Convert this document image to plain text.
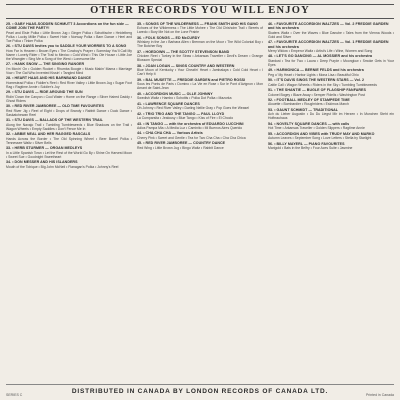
OTHER RECORDS YOU WILL ENJOY
25. • GABY HAAS-SODDEN SCHMUTT 3 Accordions on the fun side — COME JOIN THE PARTY!
Pearl and Elsie Polka • Little Brown Jug • Ginger Polka • Schottische • Heidelberg Polka • Lucky Millie Polka • Sweet Hole • Norway Polka • Barn Dance • Heel and Toe Polka • Tinker Polka
26. • STU DAVIS Invites you to SADDLE YOUR WORRIES TO A SONG
How Far Is Heaven • Brown Eyes • The Cowboy's Prayer • Someday You'll Call My Name • Lonely Rider • The Trail to Mexico • Cold Wind • This Ole House • Little Joe the Wrangler • Sing Me a Song of the West • Lonesome Me
27. • HANK SNOW — THE SINGING RANGER
I'm Movin' On • Golden Rocket • Rhumba Boogie • Music Makin' Mama • Marriage Vow • The Gal Who Invented Kissin' • Tangled Mind
28. • HEART HAAS AND HIS BARNBAND DANCE
Homestead Polka • Fiddler's Reel • Red River Valley • Little Brown Jug • Sugar Foot Rag • Ragtime Annie • Soldier's Joy
29. • STU DAVIS — RIDE AROUND THE SUN
Ridin' Down the Canyon • Cool Water • Home on the Range • Silver Haired Daddy • Ghost Riders
30. • RED RIVER JAMBOREE — OLD TIME FAVOURITES
Red River Jig • Reel of Eight • Drops of Brandy • Rabbit Dance • Duck Dance • Saskatchewan Reel
31. • STU DAVIS — BALLADS OF THE WESTERN TRAIL
Along the Navajo Trail • Tumbling Tumbleweeds • Blue Shadows on the Trail • Wagon Wheels • Empty Saddles • Don't Fence Me In
32. • ABBIE NEAL AND HER RAGGED RASCALS
Hands Across the Border • The Old Spinning Wheel • Beer Barrel Polka • Tennessee Waltz • Silver Bells
33. • HERB STURMER — ORGAN MEDLEYS
In a Little Spanish Town • Let the Rest of the World Go By • Shine On Harvest Moon • Sweet Sue • Goodnight Sweetheart
34. • DON MESSER AND HIS ISLANDERS
Mouth of the Tobique • Big John McNeil • Flanagan's Polka • Johnny's Reel
35. • SONGS OF THE WILDERNESS — FRANK SMITH AND HIS GANG
Echoes of the Wilderness • The Little Mohee • The Old Chisholm Trail • Streets of Laredo • Bury Me Not on the Lone Prairie
36. • FOLK SONGS — ED McCURDY
Whiskey in the Jar • Barbara Allen • Brennan on the Moor • The Wild Colonial Boy • The Butcher Boy
37. • HOEDOWN — THE SCOTTY STEVENSON BAND
Chicken Reel • Turkey in the Straw • Arkansas Traveller • Devil's Dream • Orange Blossom Special
38. • JOAN LOGAN — SINGS COUNTRY AND WESTERN
Blue Moon of Kentucky • Your Cheatin' Heart • Jambalaya • Cold Cold Heart • I Can't Help It
39. • BAL MUSETTE — FREDDIE GARDEN and PIETRO ROSSI
Sous les Ponts de Paris • Domino • La Vie en Rose • Sur le Pont d'Avignon • Mon Amant de Saint-Jean
40. • ACCORDION MUSIC — OLLE JOHNNY
Swedish Waltz • Hambo • Schottis • Polka Dot Polka • Mazurka
41. • LAWRENCE SQUARE DANCES
Oh Johnny • Red River Valley • Darling Nellie Gray • Pop Goes the Weasel
42. • TRIO TRIO AND THE TANGO — PAUL LLOYD
La Cumparsita • Jealousy • Blue Tango • Kiss of Fire • El Choclo
43. • IN TANGO — with the orchestra of EDUARDO LUCCHINI
Adios Pampa Mia • A Media Luz • Caminito • Mi Buenos Aires Querido
44. • CHA CHA CHA — Various Artists
Cherry Pink • Sweet and Gentle • Tea for Two Cha Cha • Cha Cha Chica
45. • RED RIVER JAMBOREE — COUNTRY DANCE
Red Wing • Little Brown Jug • Bingo Waltz • Rabbit Dance
46. • FAVOURITE ACCORDION WALTZES — Vol. 2 FREDDIE GARDEN and his orchestra
Skaters Waltz • Over the Waves • Blue Danube • Tales from the Vienna Woods • Gold and Silver
47. • FAVOURITE ACCORDION WALTZES — Vol. 1 FREDDIE GARDEN and his orchestra
Merry Widow • Emperor Waltz • Artist's Life • Wine, Women and Song
48. • LET'S GO DANCING — AL MOSSIER and his orchestra
Stardust • Tea for Two • Laura • Deep Purple • Moonglow • Smoke Gets in Your Eyes
49. • HARMONICA — BERNIE FELDS and his orchestra
Peg o' My Heart • Harbor Lights • Mona Lisa • Beautiful Ohio
50. • IT'S DAVIS SINGS THE WESTERN STARS — Vol. 2
Cattle Call • Wagon Wheels • Riders in the Sky • Tumbling Tumbleweeds
51. • THE SHANTIE — BUGLE OF FLAGSHIP FANFARES
Colonel Bogey • Blaze Away • Semper Fidelis • Washington Post
52. • FOOTBALL MEDLEY OF STAMPEDE TIME
Alouette • Bombardier • Roughriders • Eskimos March
53. • GAUNT SCHMIDT — TRADITIONAL
Ach du Lieber Augustin • Du Du Liegst Mir im Herzen • In Munchen Steht ein Hofbrauhaus
54. • NOVELTY SQUARE DANCES — with calls
Hot Time • Arkansas Traveller • Golden Slippers • Ragtime Annie
55. • ACCORDION AND VIBES with TRUDY MAY AND MARKO
Autumn Leaves • September Song • Love Letters • Stella by Starlight
56. • BILLY MAYERL — PIANO FAVOURITES
Marigold • Bats in the Belfry • Four Aces Suite • Jasmine
DISTRIBUTED IN CANADA BY LONDON RECORDS OF CANADA LTD.
SERIES C	Printed in Canada
